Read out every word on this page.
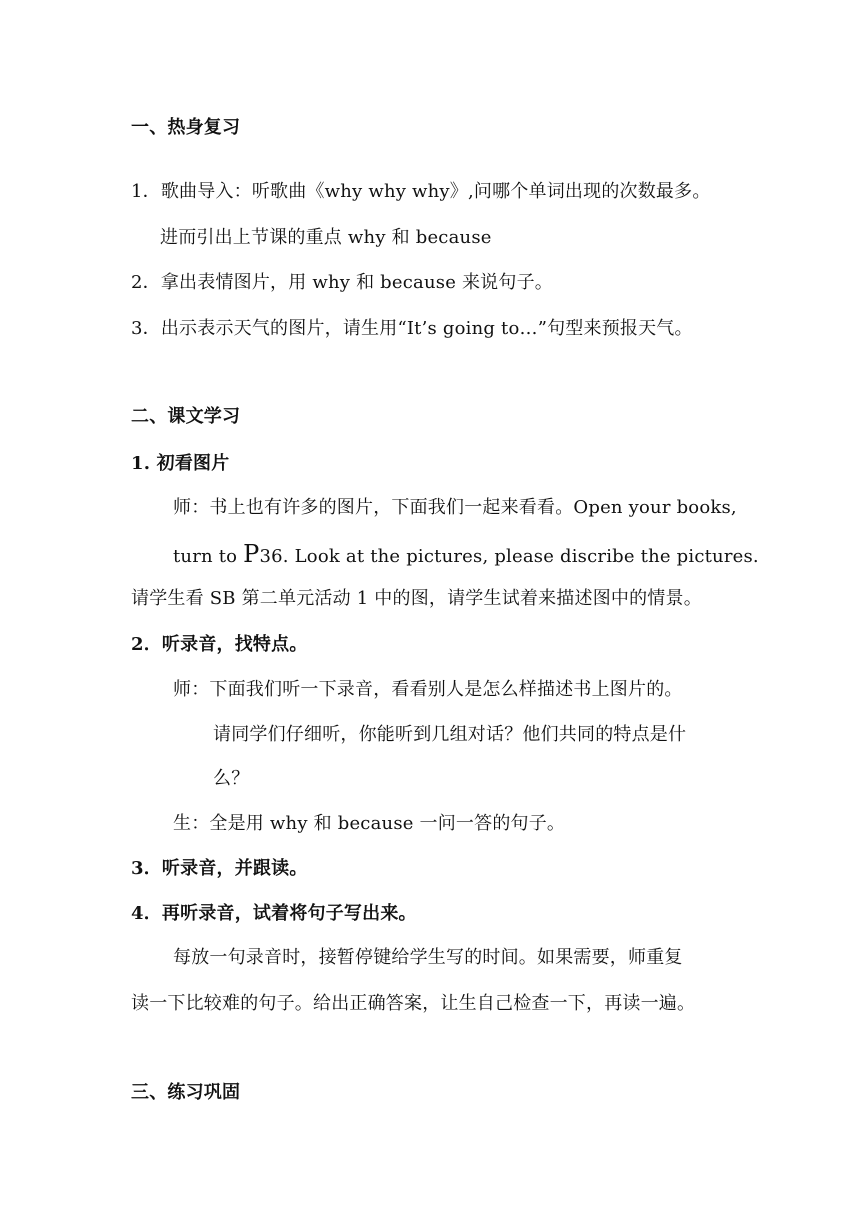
一、热身复习
1．歌曲导入：听歌曲《why why why》,问哪个单词出现的次数最多。
进而引出上节课的重点 why 和 because
2．拿出表情图片，用 why 和 because 来说句子。
3．出示表示天气的图片，请生用“It’s going to…”句型来预报天气。
二、课文学习
1. 初看图片
师：书上也有许多的图片，下面我们一起来看看。Open your books,
turn to P36. Look at the pictures, please discribe the pictures.
请学生看 SB 第二单元活动 1 中的图，请学生试着来描述图中的情景。
2．听录音，找特点。
师：下面我们听一下录音，看看别人是怎么样描述书上图片的。
请同学们仔细听，你能听到几组对话？他们共同的特点是什
么？
生：全是用 why 和 because 一问一答的句子。
3．听录音，并跟读。
4．再听录音，试着将句子写出来。
每放一句录音时，接暂停键给学生写的时间。如果需要，师重复
读一下比较难的句子。给出正确答案，让生自己检查一下，再读一遍。
三、练习巩固
